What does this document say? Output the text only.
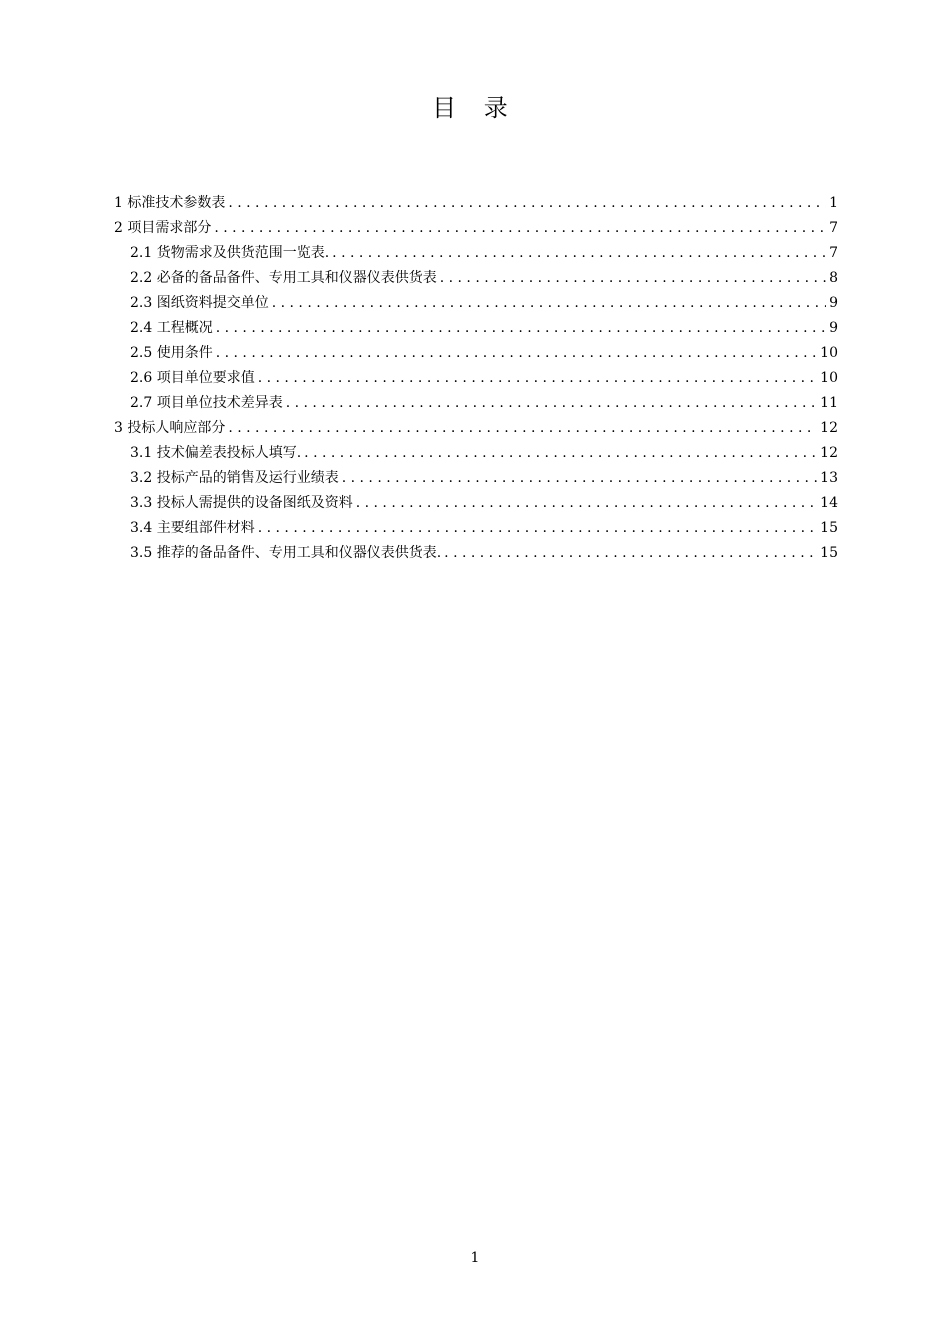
目 录
1 标准技术参数表 . . .	1
2 项目需求部分 . . .	7
2.1 货物需求及供货范围一览表. . . .	7
2.2 必备的备品备件、专用工具和仪器仪表供货表 . . .	8
2.3 图纸资料提交单位 . . .	9
2.4 工程概况 . . .	9
2.5 使用条件 . . .	10
2.6 项目单位要求值 . . .	10
2.7 项目单位技术差异表 . . .	11
3 投标人响应部分 . . .	12
3.1 技术偏差表投标人填写. . . .	12
3.2 投标产品的销售及运行业绩表 . . .	13
3.3 投标人需提供的设备图纸及资料 . . .	14
3.4 主要组部件材料 . . .	15
3.5 推荐的备品备件、专用工具和仪器仪表供货表. . . .	15
1
